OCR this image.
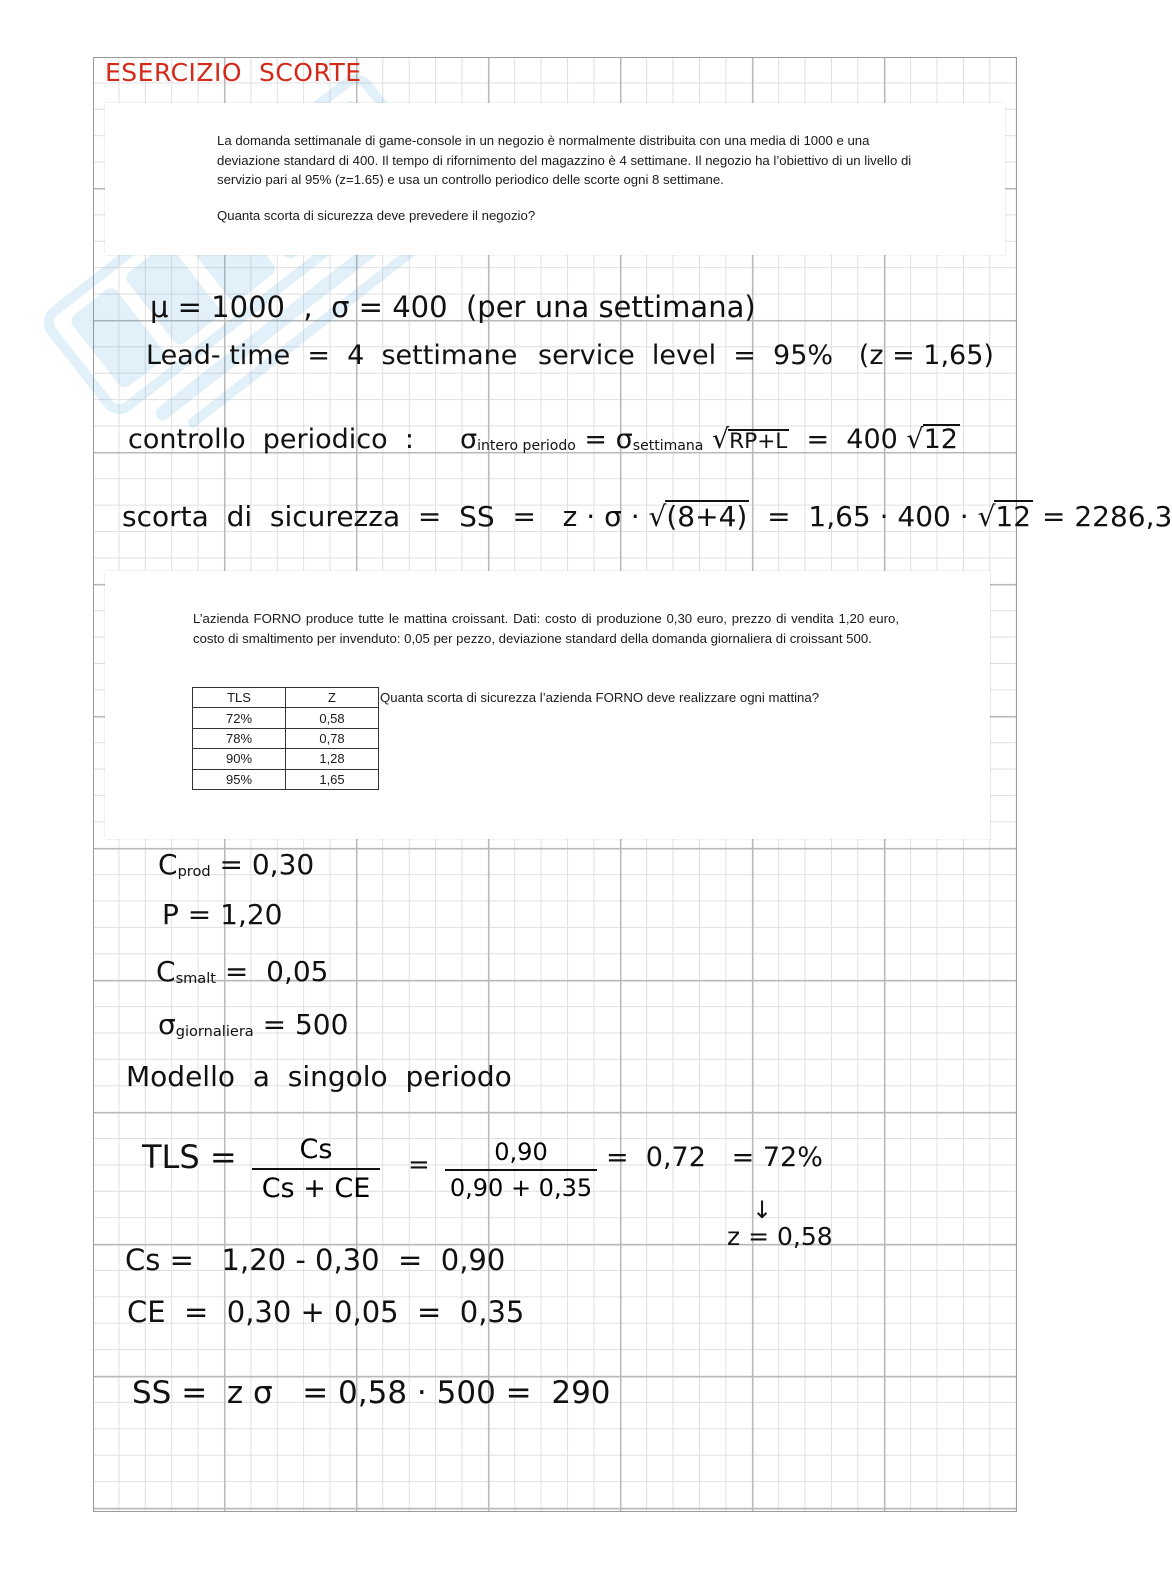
ESERCIZIO  SCORTE
La domanda settimanale di game-console in un negozio è normalmente distribuita con una media di 1000 e una deviazione standard di 400. Il tempo di rifornimento del magazzino è 4 settimane. Il negozio ha l’obiettivo di un livello di servizio pari al 95% (z=1.65) e usa un controllo periodico delle scorte ogni 8 settimane.
Quanta scorta di sicurezza deve prevedere il negozio?
μ = 1000  ,  σ = 400  (per una settimana)
Lead- time  =  4  settimane service  level  =  95%   (z = 1,65)
controllo  periodico  : σintero periodo = σsettimana √RP+L  =  400 √12
scorta  di  sicurezza  =  SS  =   z · σ · √(8+4)  =  1,65 · 400 · √12 = 2286,3
L’azienda FORNO produce tutte le mattina croissant. Dati: costo di produzione 0,30 euro, prezzo di vendita 1,20 euro, costo di smaltimento per invenduto: 0,05 per pezzo, deviazione standard della domanda giornaliera di croissant 500.
TLS	Z
72%	0,58
78%	0,78
90%	1,28
95%	1,65
Quanta scorta di sicurezza l’azienda FORNO deve realizzare ogni mattina?
Cprod = 0,30
P = 1,20
Csmalt =  0,05
σgiornaliera = 500
Modello  a  singolo  periodo
TLS =	Cs
Cs + CE
=	0,90
0,90 + 0,35
=  0,72   = 72%
↓
z = 0,58
Cs =   1,20 - 0,30  =  0,90
CE  =  0,30 + 0,05  =  0,35
SS =  z σ   = 0,58 · 500 =  290
